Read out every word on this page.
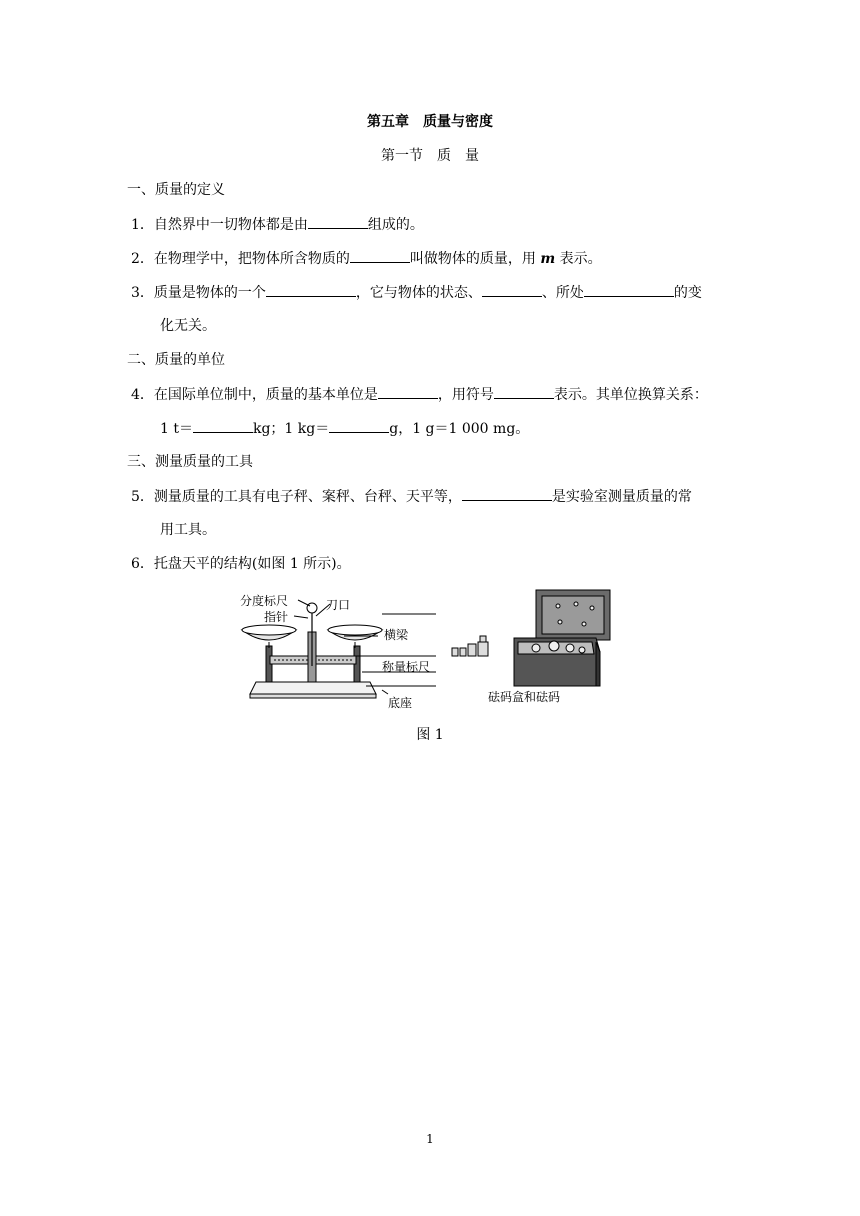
第五章　质量与密度
第一节　质　量
一、质量的定义
1．自然界中一切物体都是由	组成的。
2．在物理学中，把物体所含物质的	叫做物体的质量，用 m 表示。
3．质量是物体的一个	，它与物体的状态、	、所处	的变
化无关。
二、质量的单位
4．在国际单位制中，质量的基本单位是	，用符号	表示。其单位换算关系：
1 t＝	kg；1 kg＝	g，1 g＝1 000 mg。
三、测量质量的工具
5．测量质量的工具有电子秤、案秤、台秤、天平等，	是实验室测量质量的常
用工具。
6．托盘天平的结构(如图 1 所示)。
分度标尺
指针
刀口
横梁
称量标尺
底座	砝码盒和砝码
图 1
1
